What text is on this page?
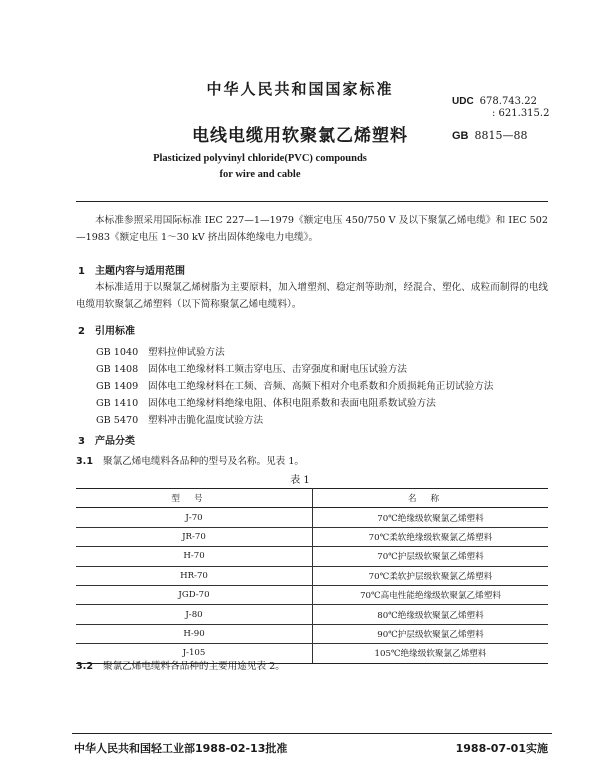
中华人民共和国国家标准
UDC 678.743.22
: 621.315.2
电线电缆用软聚氯乙烯塑料	GB 8815—88
Plasticized polyvinyl chloride(PVC) compounds
for wire and cable
本标准参照采用国际标准 IEC 227—1—1979《额定电压 450/750 V 及以下聚氯乙烯电缆》和 IEC 502—1983《额定电压 1～30 kV 挤出固体绝缘电力电缆》。
1 主题内容与适用范围
本标准适用于以聚氯乙烯树脂为主要原料，加入增塑剂、稳定剂等助剂，经混合、塑化、成粒而制得的电线电缆用软聚氯乙烯塑料（以下简称聚氯乙烯电缆料）。
2 引用标准
GB 1040 塑料拉伸试验方法
GB 1408 固体电工绝缘材料工频击穿电压、击穿强度和耐电压试验方法
GB 1409 固体电工绝缘材料在工频、音频、高频下相对介电系数和介质损耗角正切试验方法
GB 1410 固体电工绝缘材料绝缘电阻、体积电阻系数和表面电阻系数试验方法
GB 5470 塑料冲击脆化温度试验方法
3 产品分类
3.1 聚氯乙烯电缆料各品种的型号及名称。见表 1。
表 1
型号	名称
J-70	70℃绝缘级软聚氯乙烯塑料
JR-70	70℃柔软绝缘级软聚氯乙烯塑料
H-70	70℃护层级软聚氯乙烯塑料
HR-70	70℃柔软护层级软聚氯乙烯塑料
JGD-70	70℃高电性能绝缘级软聚氯乙烯塑料
J-80	80℃绝缘级软聚氯乙烯塑料
H-90	90℃护层级软聚氯乙烯塑料
J-105	105℃绝缘级软聚氯乙烯塑料
3.2 聚氯乙烯电缆料各品种的主要用途见表 2。
中华人民共和国轻工业部1988-02-13批准	1988-07-01实施
